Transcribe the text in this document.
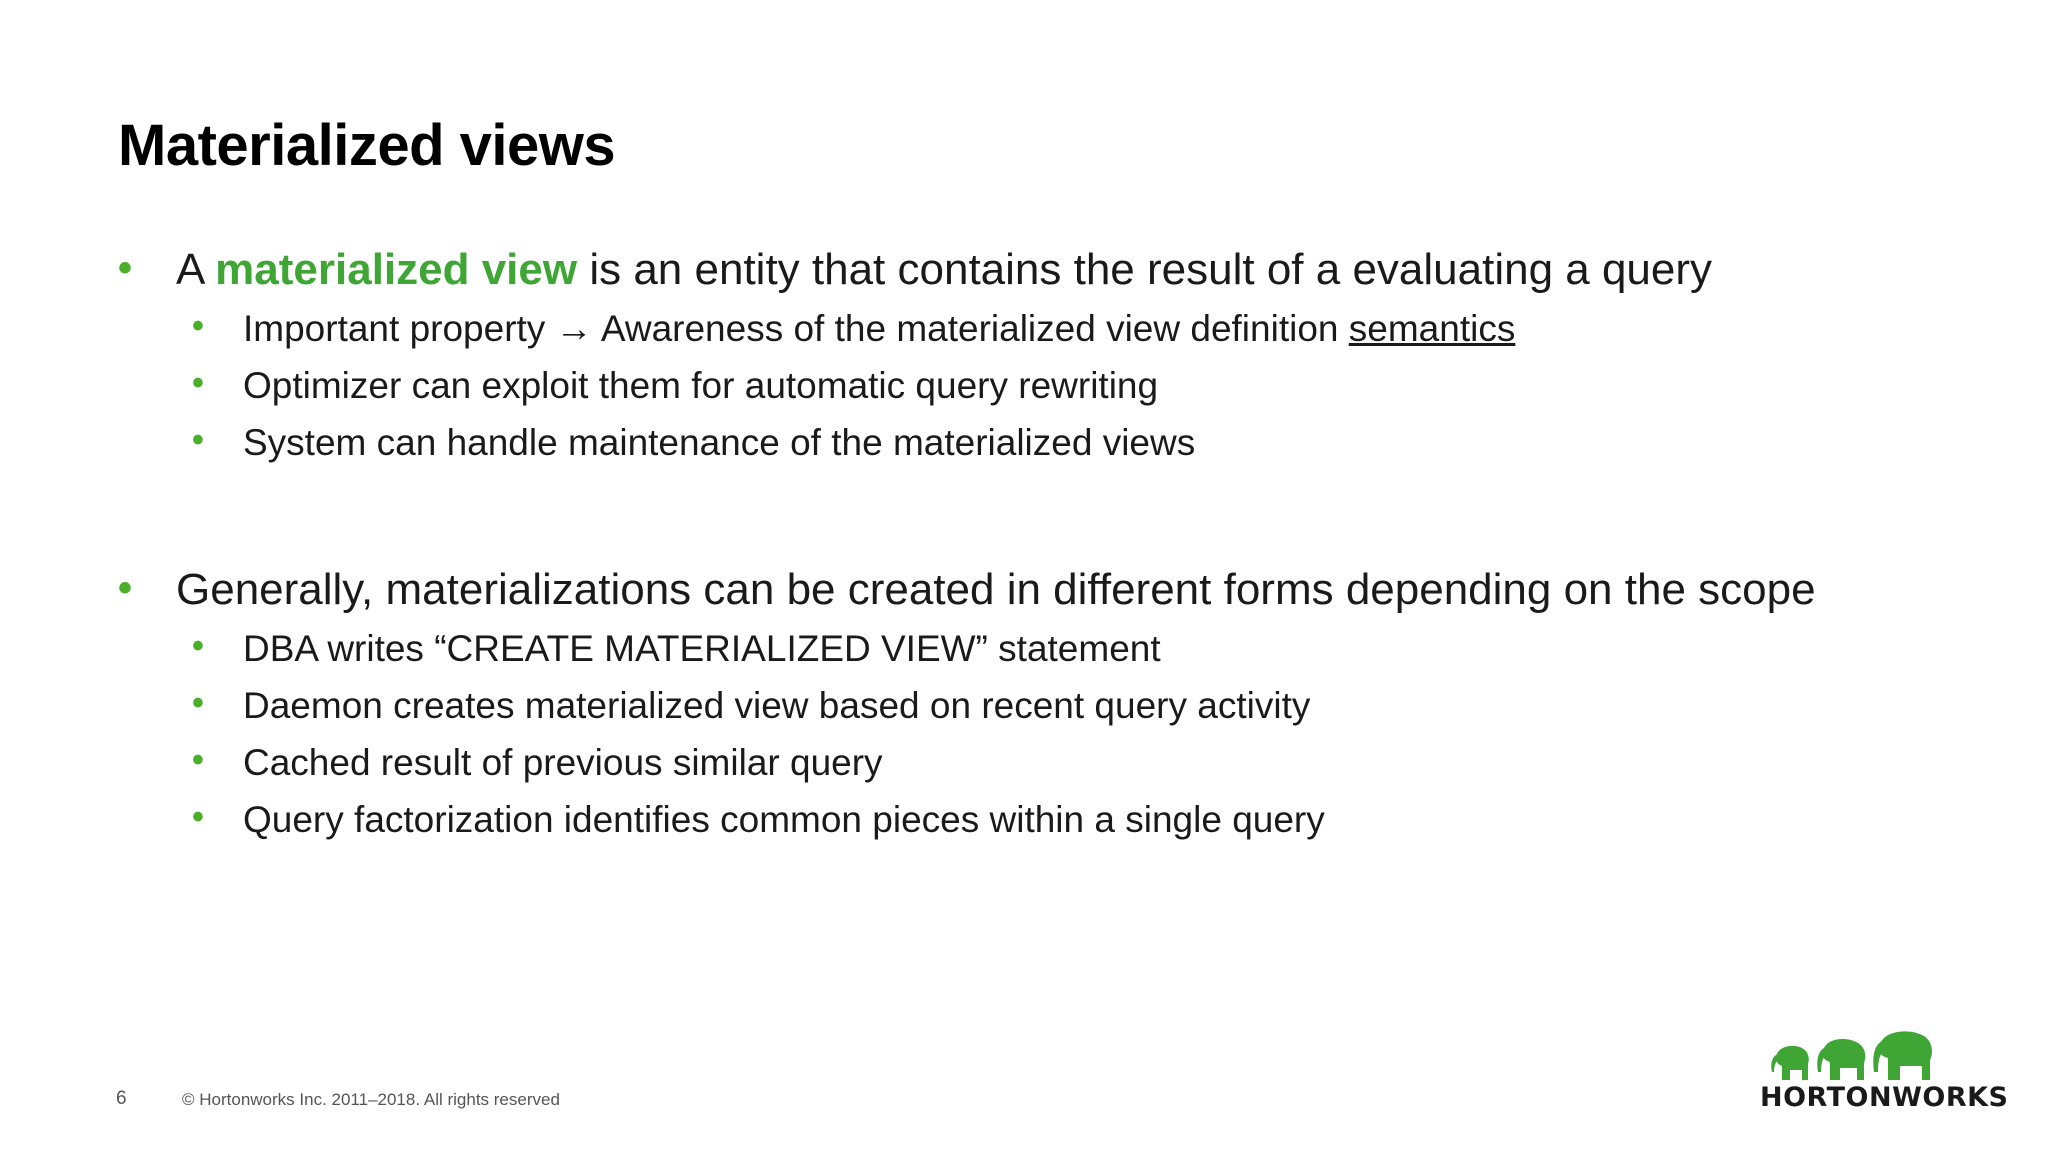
Materialized views
• A materialized view is an entity that contains the result of a evaluating a query
• Important property → Awareness of the materialized view definition semantics
• Optimizer can exploit them for automatic query rewriting
• System can handle maintenance of the materialized views
• Generally, materializations can be created in different forms depending on the scope
• DBA writes “CREATE MATERIALIZED VIEW” statement
• Daemon creates materialized view based on recent query activity
• Cached result of previous similar query
• Query factorization identifies common pieces within a single query
6	© Hortonworks Inc. 2011–2018. All rights reserved	HORTONWORKS
